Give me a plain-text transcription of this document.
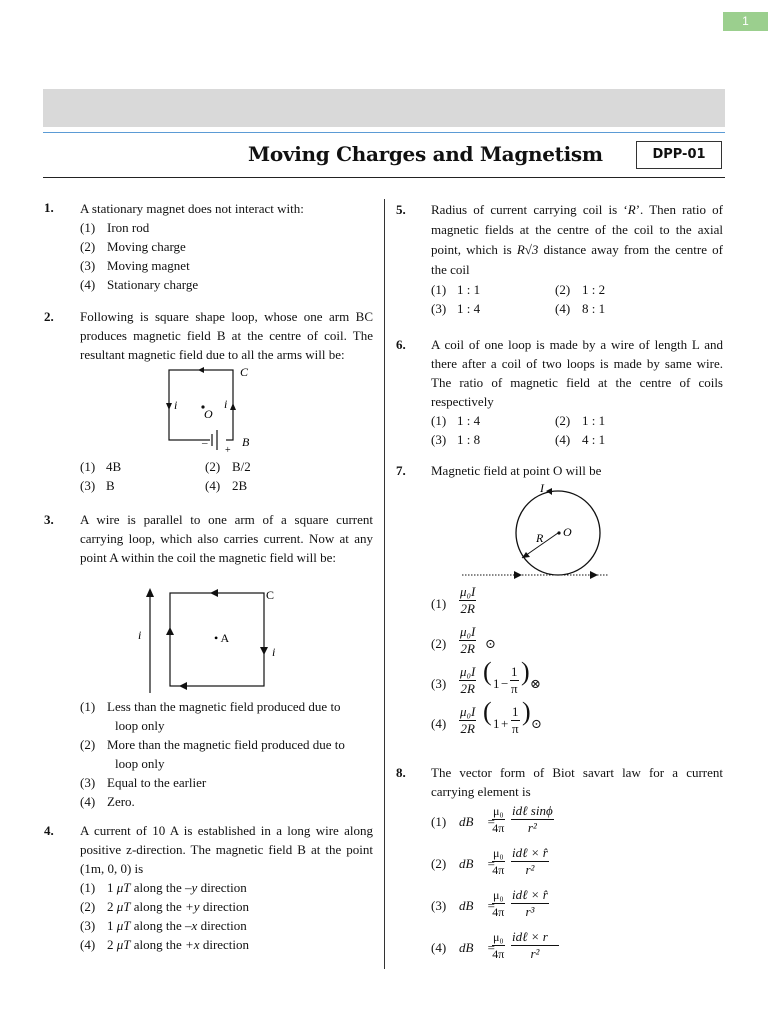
1
Moving Charges and Magnetism	DPP-01
1. A stationary magnet does not interact with:
(1) Iron rod
(2) Moving charge
(3) Moving magnet
(4) Stationary charge
2. Following is square shape loop, whose one arm BC produces magnetic field B at the centre of coil. The resultant magnetic field due to all the arms will be:
C
B
O
i	i
–
+
(1) 4B	(2) B/2
(3) B	(4) 2B
3. A wire is parallel to one arm of a square current carrying loop, which also carries current. Now at any point A within the coil the magnetic field will be:
C
• A
i
i
(1) Less than the magnetic field produced due to
loop only
(2) More than the magnetic field produced due to
loop only
(3) Equal to the earlier
(4) Zero.
4. A current of 10 A is established in a long wire along positive z-direction. The magnetic field B at the point (1m, 0, 0) is
(1) 1 μT along the –y direction
(2) 2 μT along the +y direction
(3) 1 μT along the –x direction
(4) 2 μT along the +x direction
5. Radius of current carrying coil is ‘R’. Then ratio of magnetic fields at the centre of the coil to the axial point, which is R√3 distance away from the centre of the coil
(1) 1 : 1	(2) 1 : 2
(3) 1 : 4	(4) 8 : 1
6. A coil of one loop is made by a wire of length L and there after a coil of two loops is made by same wire. The ratio of magnetic field at the centre of coils respectively
(1) 1 : 4	(2) 1 : 1
(3) 1 : 8	(4) 4 : 1
7. Magnetic field at point O will be
I
R O
(1)
μ₀I
2R
(2)
μ₀I
2R ⊙
(3)
μ₀I
2R
( 1 −
1
π
) ⊗
(4)
μ₀I
2R
( 1 +
1
π
) ⊙
8. The vector form of Biot savart law for a current carrying element is
(1) dB⃗ =
μ₀
4π
idℓ sinϕ
r²
(2) dB⃗ =
μ₀
4π
idℓ × r̂
r²
(3) dB⃗ =
μ₀
4π
idℓ × r̂
r³
(4) dB⃗ =
μ₀
4π
idℓ × r⃗
r²
